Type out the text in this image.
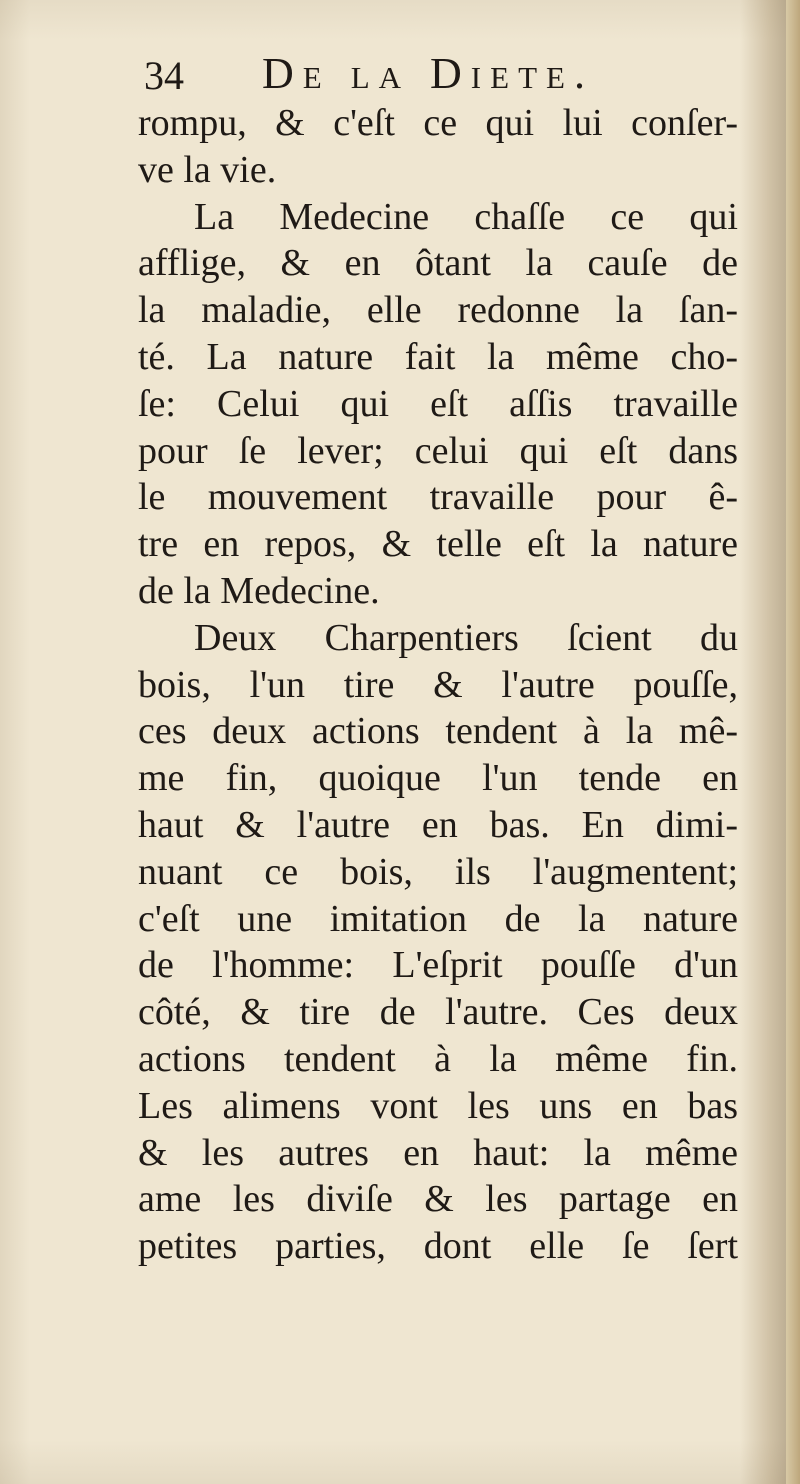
34 De la Diete.
rompu, & c'eſt ce qui lui conſer-
ve la vie.
La Medecine chaſſe ce qui
afflige, & en ôtant la cauſe de
la maladie, elle redonne la ſan-
té. La nature fait la même cho-
ſe: Celui qui eſt aſſis travaille
pour ſe lever; celui qui eſt dans
le mouvement travaille pour ê-
tre en repos, & telle eſt la nature
de la Medecine.
Deux Charpentiers ſcient du
bois, l'un tire & l'autre pouſſe,
ces deux actions tendent à la mê-
me fin, quoique l'un tende en
haut & l'autre en bas. En dimi-
nuant ce bois, ils l'augmentent;
c'eſt une imitation de la nature
de l'homme: L'eſprit pouſſe d'un
côté, & tire de l'autre. Ces deux
actions tendent à la même fin.
Les alimens vont les uns en bas
& les autres en haut: la même
ame les diviſe & les partage en
petites parties, dont elle ſe ſert
